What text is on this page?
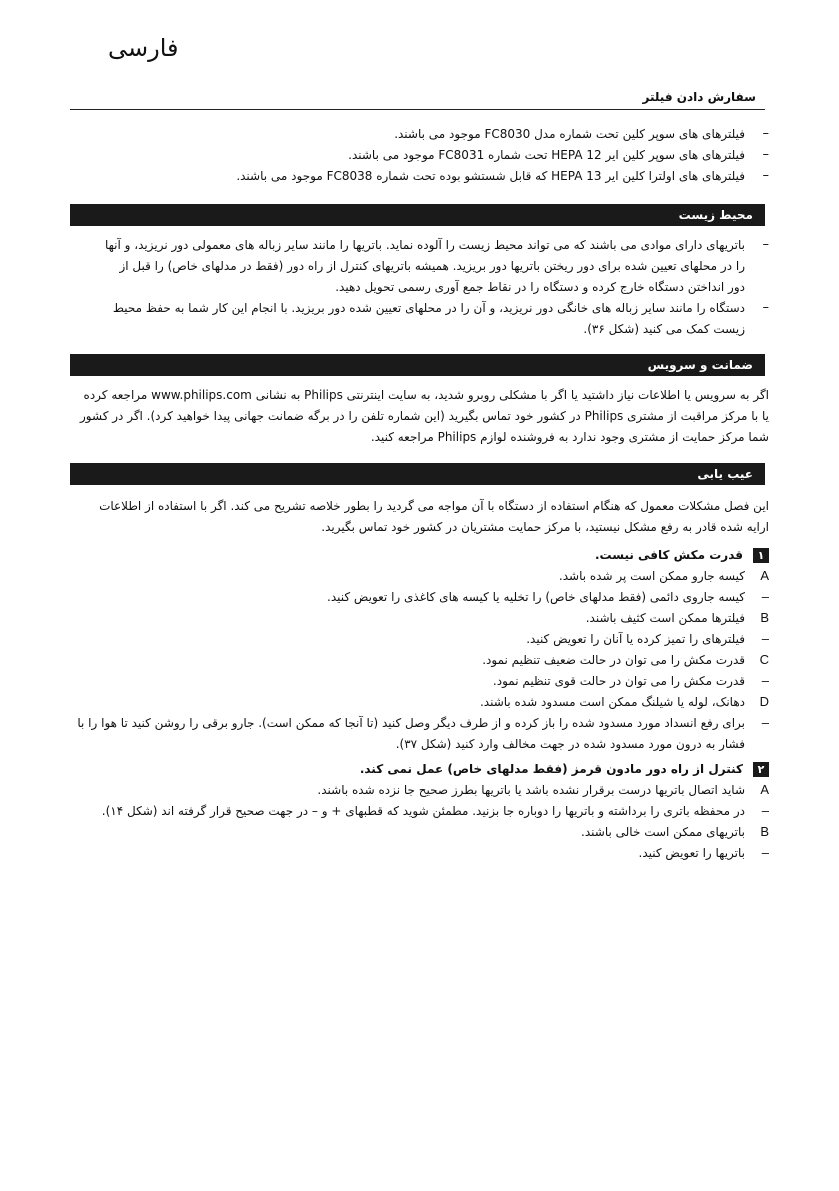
فارسی
سفارش دادن فیلتر
–
فیلترهای های سوپر کلین تحت شماره مدل FC8030 موجود می باشند.
–
فیلترهای های سوپر کلین ایر HEPA 12 تحت شماره FC8031 موجود می باشند.
–
فیلترهای های اولترا کلین ایر HEPA 13 که قابل شستشو بوده تحت شماره FC8038 موجود می باشند.
محیط زیست
–
باتریهای دارای موادی می باشند که می تواند محیط زیست را آلوده نماید. باتریها را مانند سایر زباله های معمولی دور نریزید، و آنها
را در محلهای تعیین شده برای دور ریختن باتریها دور بریزید. همیشه باتریهای کنترل از راه دور (فقط در مدلهای خاص) را قبل از
دور انداختن دستگاه خارج کرده و دستگاه را در نقاط جمع آوری رسمی تحویل دهید.
–
دستگاه را مانند سایر زباله های خانگی دور نریزید، و آن را در محلهای تعیین شده دور بریزید. با انجام این کار شما به حفظ محیط
زیست کمک می کنید (شکل ۳۶).
ضمانت و سرویس
اگر به سرویس یا اطلاعات نیاز داشتید یا اگر با مشکلی روبرو شدید، به سایت اینترنتی Philips به نشانی www.philips.com مراجعه کرده
یا با مرکز مراقبت از مشتری Philips در کشور خود تماس بگیرید (این شماره تلفن را در برگه ضمانت جهانی پیدا خواهید کرد). اگر در کشور
شما مرکز حمایت از مشتری وجود ندارد به فروشنده لوازم Philips مراجعه کنید.
عیب یابی
این فصل مشکلات معمول که هنگام استفاده از دستگاه با آن مواجه می گردید را بطور خلاصه تشریح می کند. اگر با استفاده از اطلاعات
ارایه شده قادر به رفع مشکل نیستید، با مرکز حمایت مشتریان در کشور خود تماس بگیرید.
۱
قدرت مکش کافی نیست.
A
کیسه جارو ممکن است پر شده باشد.
–
کیسه جاروی دائمی (فقط مدلهای خاص) را تخلیه یا کیسه های کاغذی را تعویض کنید.
B
فیلترها ممکن است کثیف باشند.
–
فیلترهای را تمیز کرده یا آنان را تعویض کنید.
C
قدرت مکش را می توان در حالت ضعیف تنظیم نمود.
–
قدرت مکش را می توان در حالت قوی تنظیم نمود.
D
دهانک، لوله یا شیلنگ ممکن است مسدود شده باشند.
–
برای رفع انسداد مورد مسدود شده را باز کرده و از طرف دیگر وصل کنید (تا آنجا که ممکن است). جارو برقی را روشن کنید تا هوا را با
فشار به درون مورد مسدود شده در جهت مخالف وارد کنید (شکل ۳۷).
۲
کنترل از راه دور مادون قرمز (فقط مدلهای خاص) عمل نمی کند.
A
شاید اتصال باتریها درست برقرار نشده باشد یا باتریها بطرز صحیح جا نزده شده باشند.
–
در محفظه باتری را برداشته و باتریها را دوباره جا بزنید. مطمئن شوید که قطبهای + و – در جهت صحیح قرار گرفته اند (شکل ۱۴).
B
باتریهای ممکن است خالی باشند.
–
باتریها را تعویض کنید.
